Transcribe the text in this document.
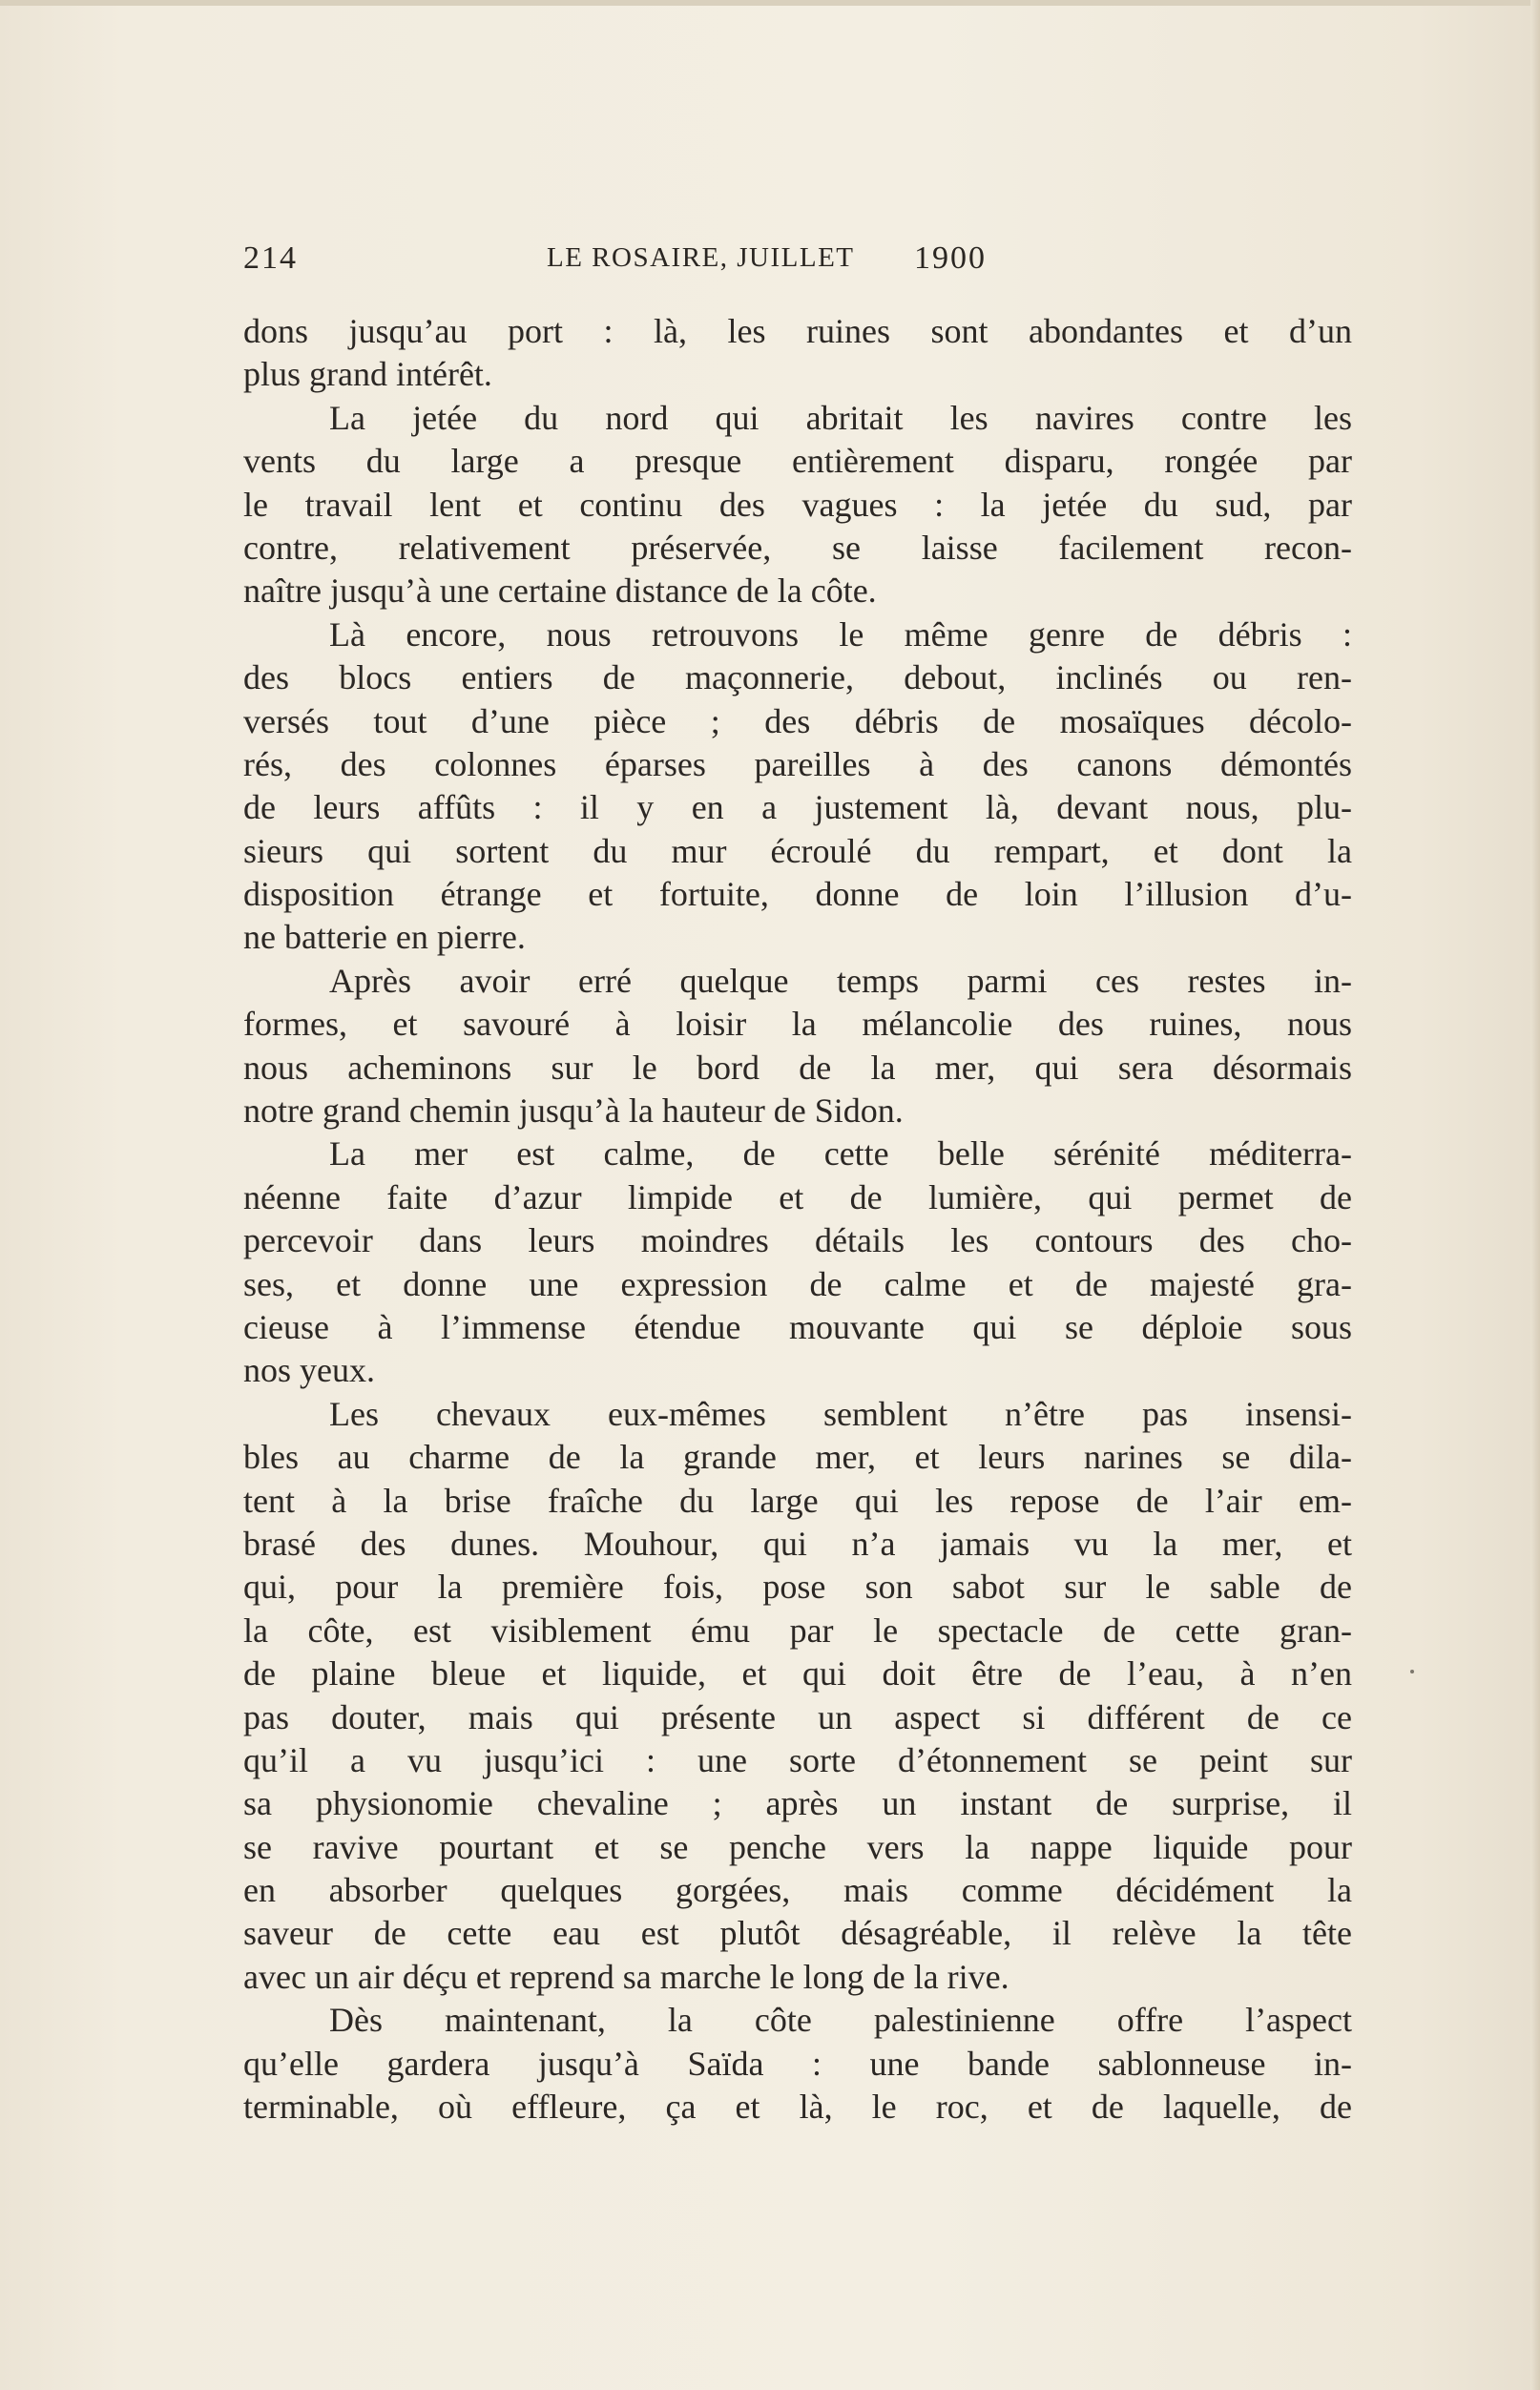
214	LE ROSAIRE, JUILLET 1900
dons jusqu’au port : là, les ruines sont abondantes et d’un
plus grand intérêt.
La jetée du nord qui abritait les navires contre les
vents du large a presque entièrement disparu, rongée par
le travail lent et continu des vagues : la jetée du sud, par
contre, relativement préservée, se laisse facilement recon-
naître jusqu’à une certaine distance de la côte.
Là encore, nous retrouvons le même genre de débris :
des blocs entiers de maçonnerie, debout, inclinés ou ren-
versés tout d’une pièce ; des débris de mosaïques décolo-
rés, des colonnes éparses pareilles à des canons démontés
de leurs affûts : il y en a justement là, devant nous, plu-
sieurs qui sortent du mur écroulé du rempart, et dont la
disposition étrange et fortuite, donne de loin l’illusion d’u-
ne batterie en pierre.
Après avoir erré quelque temps parmi ces restes in-
formes, et savouré à loisir la mélancolie des ruines, nous
nous acheminons sur le bord de la mer, qui sera désormais
notre grand chemin jusqu’à la hauteur de Sidon.
La mer est calme, de cette belle sérénité méditerra-
néenne faite d’azur limpide et de lumière, qui permet de
percevoir dans leurs moindres détails les contours des cho-
ses, et donne une expression de calme et de majesté gra-
cieuse à l’immense étendue mouvante qui se déploie sous
nos yeux.
Les chevaux eux-mêmes semblent n’être pas insensi-
bles au charme de la grande mer, et leurs narines se dila-
tent à la brise fraîche du large qui les repose de l’air em-
brasé des dunes. Mouhour, qui n’a jamais vu la mer, et
qui, pour la première fois, pose son sabot sur le sable de
la côte, est visiblement ému par le spectacle de cette gran-
de plaine bleue et liquide, et qui doit être de l’eau, à n’en
pas douter, mais qui présente un aspect si différent de ce
qu’il a vu jusqu’ici : une sorte d’étonnement se peint sur
sa physionomie chevaline ; après un instant de surprise, il
se ravive pourtant et se penche vers la nappe liquide pour
en absorber quelques gorgées, mais comme décidément la
saveur de cette eau est plutôt désagréable, il relève la tête
avec un air déçu et reprend sa marche le long de la rive.
Dès maintenant, la côte palestinienne offre l’aspect
qu’elle gardera jusqu’à Saïda : une bande sablonneuse in-
terminable, où effleure, ça et là, le roc, et de laquelle, de
